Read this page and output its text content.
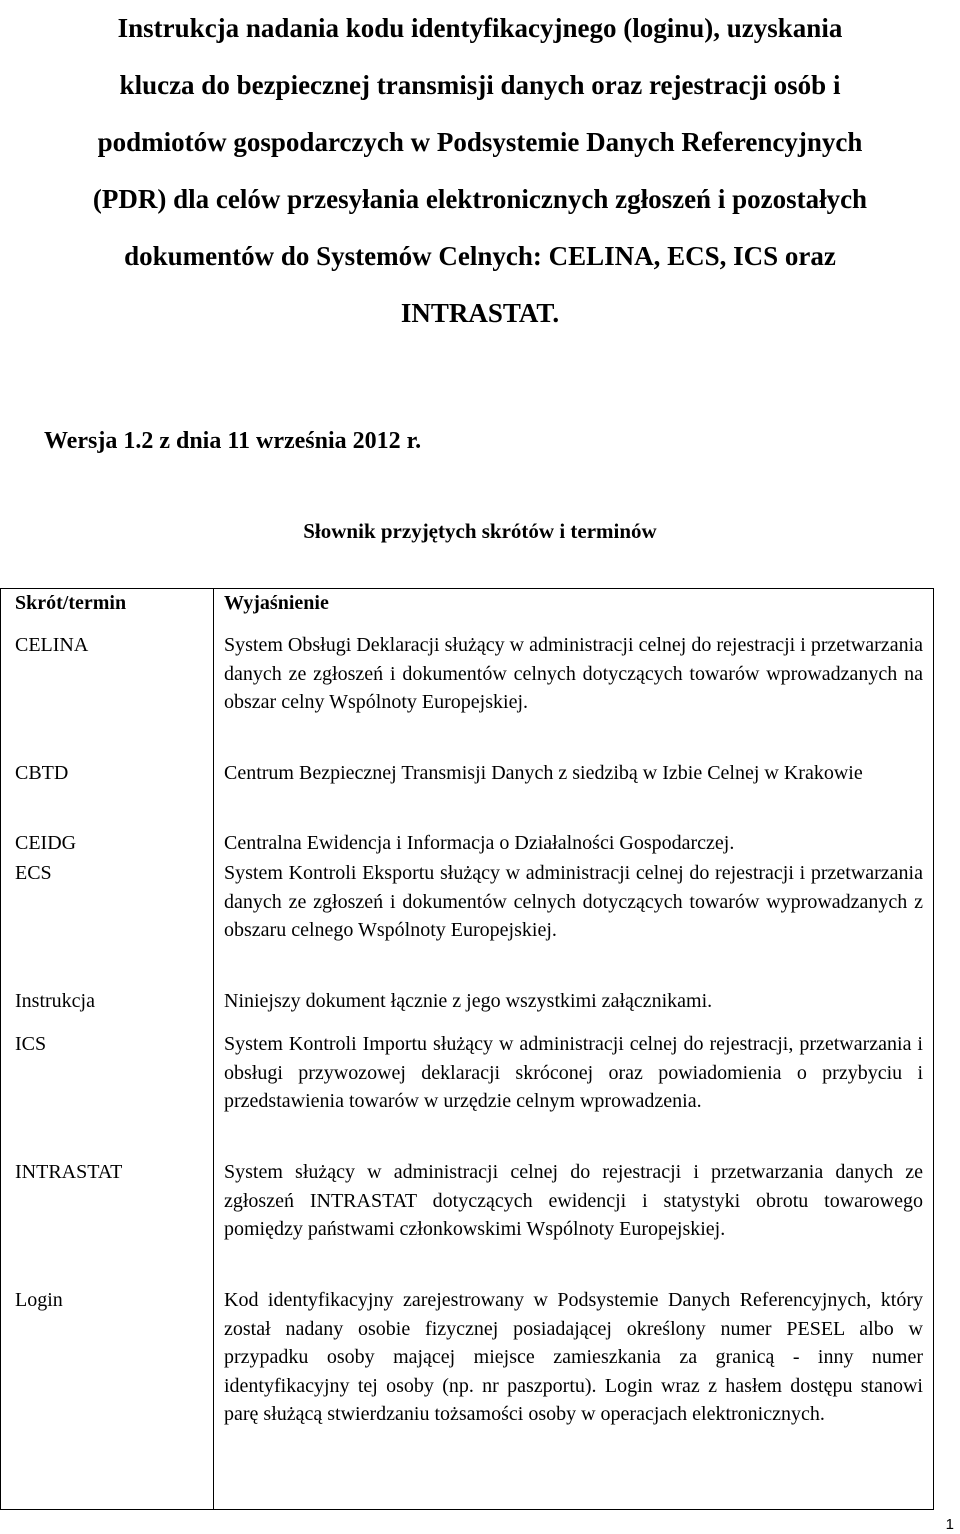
Instrukcja nadania kodu identyfikacyjnego (loginu), uzyskania
klucza do bezpiecznej transmisji danych oraz rejestracji osób i
podmiotów gospodarczych w Podsystemie Danych Referencyjnych
(PDR) dla celów przesyłania elektronicznych zgłoszeń i pozostałych
dokumentów do Systemów Celnych: CELINA, ECS, ICS oraz
INTRASTAT.

Wersja 1.2 z dnia 11 września 2012 r.

Słownik przyjętych skrótów i terminów
Skrót/termin	Wyjaśnienie
CELINA	System Obsługi Deklaracji służący w administracji celnej do rejestracji i przetwarzania danych ze zgłoszeń i dokumentów celnych dotyczących towarów wprowadzanych na obszar celny Wspólnoty Europejskiej.
CBTD	Centrum Bezpiecznej Transmisji Danych z siedzibą w Izbie Celnej w Krakowie
CEIDG	Centralna Ewidencja i Informacja o Działalności Gospodarczej.
ECS	System Kontroli Eksportu służący w administracji celnej do rejestracji i przetwarzania danych ze zgłoszeń i dokumentów celnych dotyczących towarów wyprowadzanych z obszaru celnego Wspólnoty Europejskiej.
Instrukcja	Niniejszy dokument łącznie z jego wszystkimi załącznikami.
ICS	System Kontroli Importu służący w administracji celnej do rejestracji, przetwarzania i obsługi przywozowej deklaracji skróconej oraz powiadomienia o przybyciu i przedstawienia towarów w urzędzie celnym wprowadzenia.
INTRASTAT	System służący w administracji celnej do rejestracji i przetwarzania danych ze zgłoszeń INTRASTAT dotyczących ewidencji i statystyki obrotu towarowego pomiędzy państwami członkowskimi Wspólnoty Europejskiej.
Login	Kod identyfikacyjny zarejestrowany w Podsystemie Danych Referencyjnych, który został nadany osobie fizycznej posiadającej określony numer PESEL albo w przypadku osoby mającej miejsce zamieszkania za granicą - inny numer identyfikacyjny tej osoby (np. nr paszportu). Login wraz z hasłem dostępu stanowi parę służącą stwierdzaniu tożsamości osoby w operacjach elektronicznych.
1
